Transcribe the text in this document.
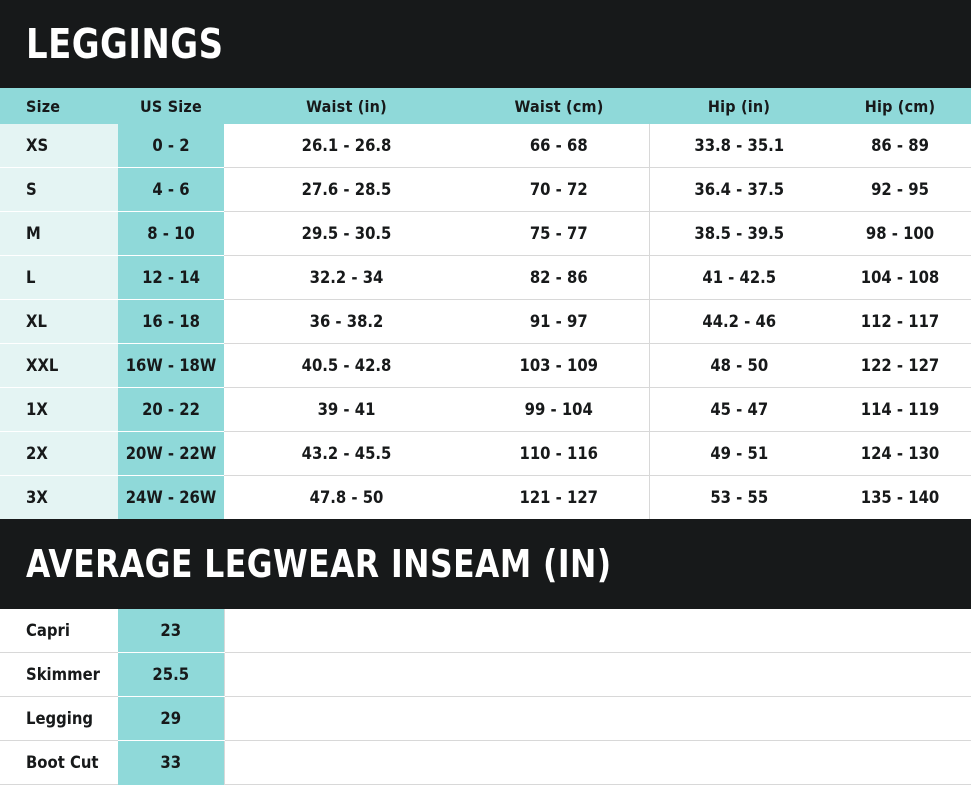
LEGGINGS
Size	US Size	Waist (in)	Waist (cm)	Hip (in)	Hip (cm)
XS	0 - 2	26.1 - 26.8	66 - 68	33.8 - 35.1	86 - 89
S	4 - 6	27.6 - 28.5	70 - 72	36.4 - 37.5	92 - 95
M	8 - 10	29.5 - 30.5	75 - 77	38.5 - 39.5	98 - 100
L	12 - 14	32.2 - 34	82 - 86	41 - 42.5	104 - 108
XL	16 - 18	36 - 38.2	91 - 97	44.2 - 46	112 - 117
XXL	16W - 18W	40.5 - 42.8	103 - 109	48 - 50	122 - 127
1X	20 - 22	39 - 41	99 - 104	45 - 47	114 - 119
2X	20W - 22W	43.2 - 45.5	110 - 116	49 - 51	124 - 130
3X	24W - 26W	47.8 - 50	121 - 127	53 - 55	135 - 140
AVERAGE LEGWEAR INSEAM (IN)
Capri	23	
Skimmer	25.5	
Legging	29	
Boot Cut	33	
